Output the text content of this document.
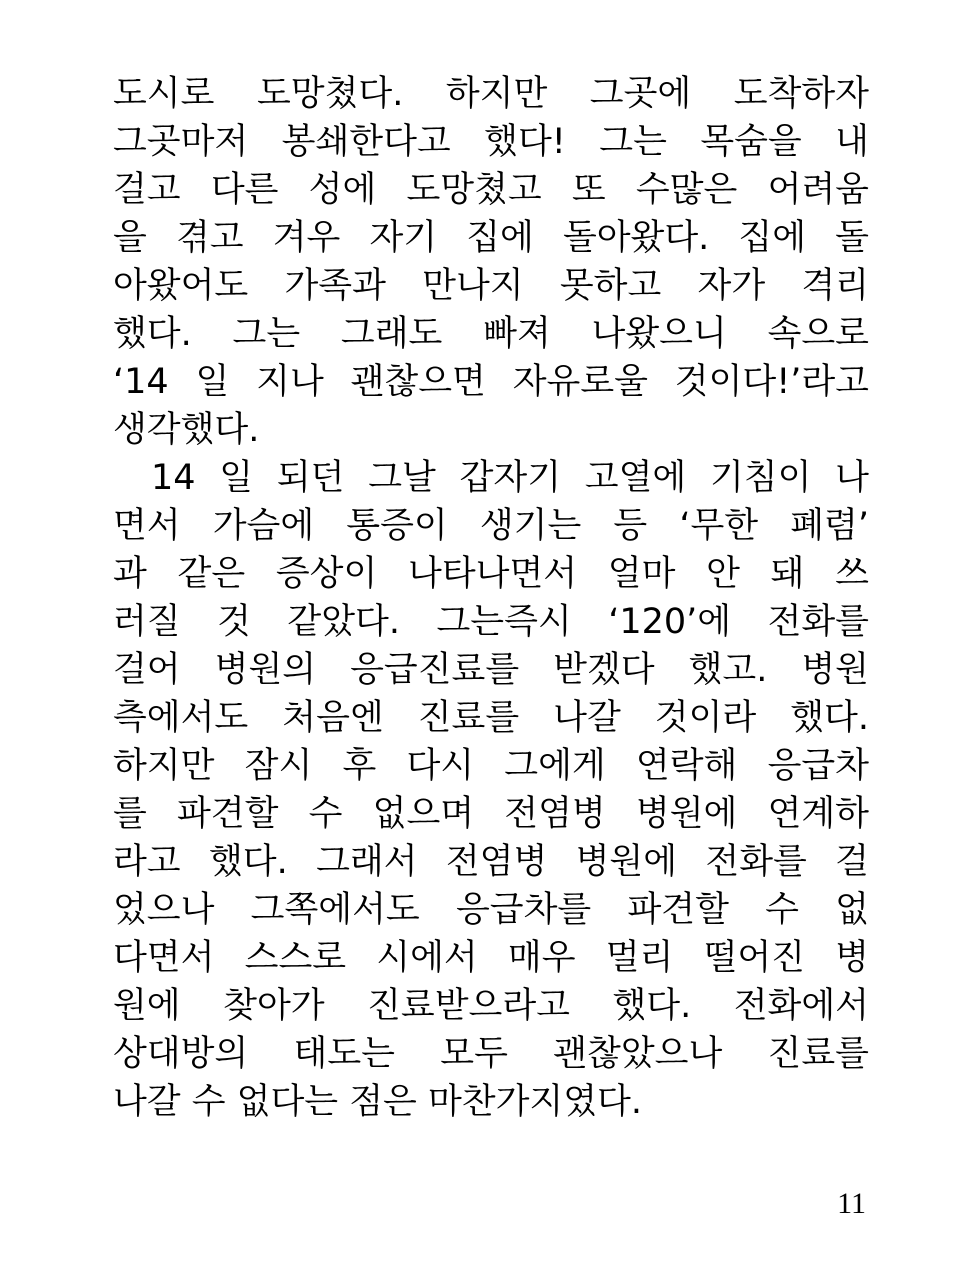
도시로 도망쳤다. 하지만 그곳에 도착하자
그곳마저 봉쇄한다고 했다! 그는 목숨을 내
걸고 다른 성에 도망쳤고 또 수많은 어려움
을 겪고 겨우 자기 집에 돌아왔다. 집에 돌
아왔어도 가족과 만나지 못하고 자가 격리
했다. 그는 그래도 빠져 나왔으니 속으로
‘14 일 지나 괜찮으면 자유로울 것이다!’라고
생각했다.
14 일 되던 그날 갑자기 고열에 기침이 나
면서 가슴에 통증이 생기는 등 ‘무한 폐렴’
과 같은 증상이 나타나면서 얼마 안 돼 쓰
러질 것 같았다. 그는즉시 ‘120’에 전화를
걸어 병원의 응급진료를 받겠다 했고. 병원
측에서도 처음엔 진료를 나갈 것이라 했다.
하지만 잠시 후 다시 그에게 연락해 응급차
를 파견할 수 없으며 전염병 병원에 연계하
라고 했다. 그래서 전염병 병원에 전화를 걸
었으나 그쪽에서도 응급차를 파견할 수 없
다면서 스스로 시에서 매우 멀리 떨어진 병
원에 찾아가 진료받으라고 했다. 전화에서
상대방의 태도는 모두 괜찮았으나 진료를
나갈 수 없다는 점은 마찬가지였다.
11
